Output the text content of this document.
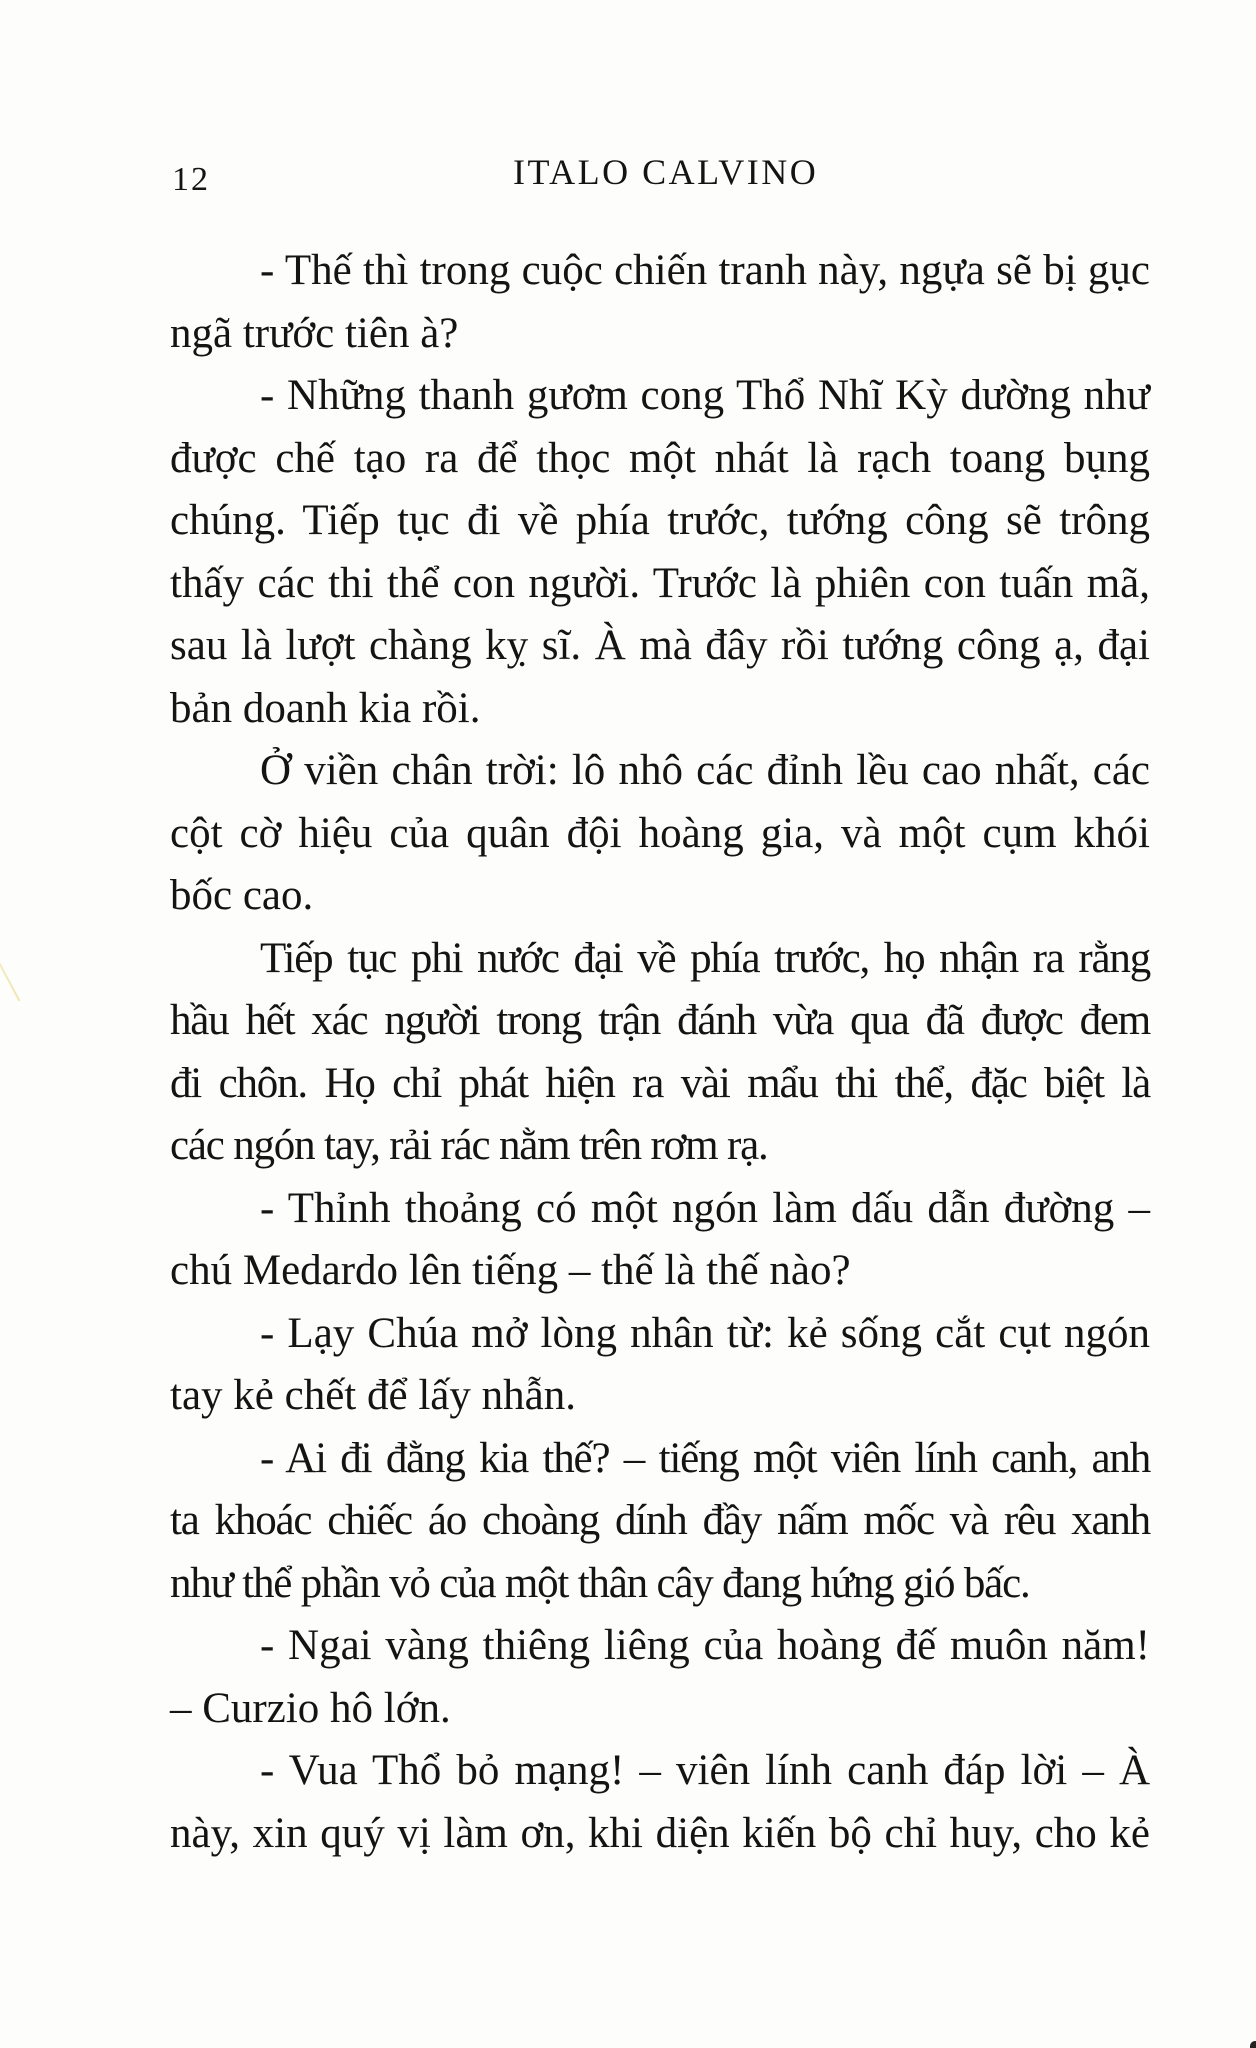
12	ITALO CALVINO
- Thế thì trong cuộc chiến tranh này, ngựa sẽ bị gục
ngã trước tiên à?
- Những thanh gươm cong Thổ Nhĩ Kỳ dường như
được chế tạo ra để thọc một nhát là rạch toang bụng
chúng. Tiếp tục đi về phía trước, tướng công sẽ trông
thấy các thi thể con người. Trước là phiên con tuấn mã,
sau là lượt chàng kỵ sĩ. À mà đây rồi tướng công ạ, đại
bản doanh kia rồi.
Ở viền chân trời: lô nhô các đỉnh lều cao nhất, các
cột cờ hiệu của quân đội hoàng gia, và một cụm khói
bốc cao.
Tiếp tục phi nước đại về phía trước, họ nhận ra rằng
hầu hết xác người trong trận đánh vừa qua đã được đem
đi chôn. Họ chỉ phát hiện ra vài mẩu thi thể, đặc biệt là
các ngón tay, rải rác nằm trên rơm rạ.
- Thỉnh thoảng có một ngón làm dấu dẫn đường –
chú Medardo lên tiếng – thế là thế nào?
- Lạy Chúa mở lòng nhân từ: kẻ sống cắt cụt ngón
tay kẻ chết để lấy nhẫn.
- Ai đi đằng kia thế? – tiếng một viên lính canh, anh
ta khoác chiếc áo choàng dính đầy nấm mốc và rêu xanh
như thể phần vỏ của một thân cây đang hứng gió bấc.
- Ngai vàng thiêng liêng của hoàng đế muôn năm!
– Curzio hô lớn.
- Vua Thổ bỏ mạng! – viên lính canh đáp lời – À
này, xin quý vị làm ơn, khi diện kiến bộ chỉ huy, cho kẻ
